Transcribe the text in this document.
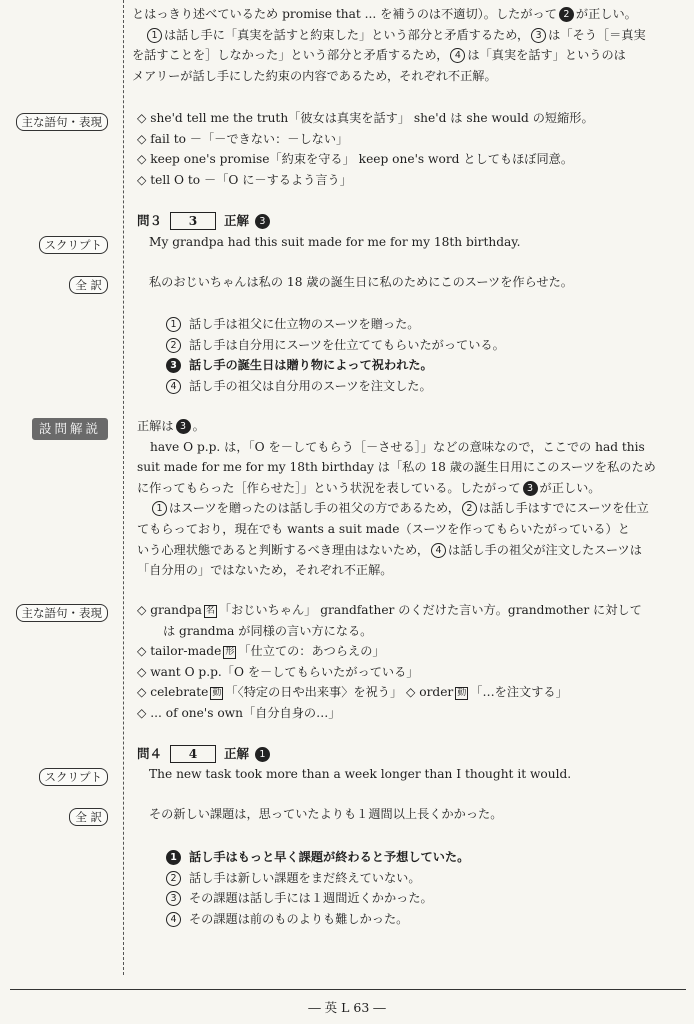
とはっきり述べているため promise that ... を補うのは不適切）。したがって 2 が正しい。

1 は話し手に「真実を話すと約束した」という部分と矛盾するため， 3 は「そう［＝真実

を話すことを］しなかった」という部分と矛盾するため， 4 は「真実を話す」というのは

メアリーが話し手にした約束の内容であるため，それぞれ不正解。

主な語句・表現	◇ she'd tell me the truth「彼女は真実を話す」 she'd は she would の短縮形。

◇ fail to －「－できない：－しない」

◇ keep one's promise「約束を守る」 keep one's word としてもほぼ同意。

◇ tell O to －「O に－するよう言う」

問３ 3 正解 3
スクリプト	My grandpa had this suit made for me for my 18th birthday.
全 訳	私のおじいちゃんは私の 18 歳の誕生日に私のためにこのスーツを作らせた。

1 話し手は祖父に仕立物のスーツを贈った。

2 話し手は自分用にスーツを仕立ててもらいたがっている。

3 話し手の誕生日は贈り物によって祝われた。

4 話し手の祖父は自分用のスーツを注文した。

設問解説	正解は 3 。

have O p.p. は，「O を－してもらう［－させる］」などの意味なので，ここでの had this

suit made for me for my 18th birthday は「私の 18 歳の誕生日用にこのスーツを私のため

に作ってもらった［作らせた］」という状況を表している。したがって 3 が正しい。

1 はスーツを贈ったのは話し手の祖父の方であるため， 2 は話し手はすでにスーツを仕立

てもらっており，現在でも wants a suit made（スーツを作ってもらいたがっている）と

いう心理状態であると判断するべき理由はないため， 4 は話し手の祖父が注文したスーツは

「自分用の」ではないため，それぞれ不正解。

主な語句・表現	◇ grandpa 名 「おじいちゃん」 grandfather のくだけた言い方。grandmother に対して

は grandma が同様の言い方になる。

◇ tailor-made 形 「仕立ての：あつらえの」

◇ want O p.p.「O を－してもらいたがっている」

◇ celebrate 動 「〈特定の日や出来事〉を祝う」 ◇ order 動 「…を注文する」

◇ ... of one's own「自分自身の…」

問４ 4 正解 1
スクリプト	The new task took more than a week longer than I thought it would.
全 訳	その新しい課題は，思っていたよりも１週間以上長くかかった。

1 話し手はもっと早く課題が終わると予想していた。

2 話し手は新しい課題をまだ終えていない。

3 その課題は話し手には１週間近くかかった。

4 その課題は前のものよりも難しかった。

― 英 L 63 ―
